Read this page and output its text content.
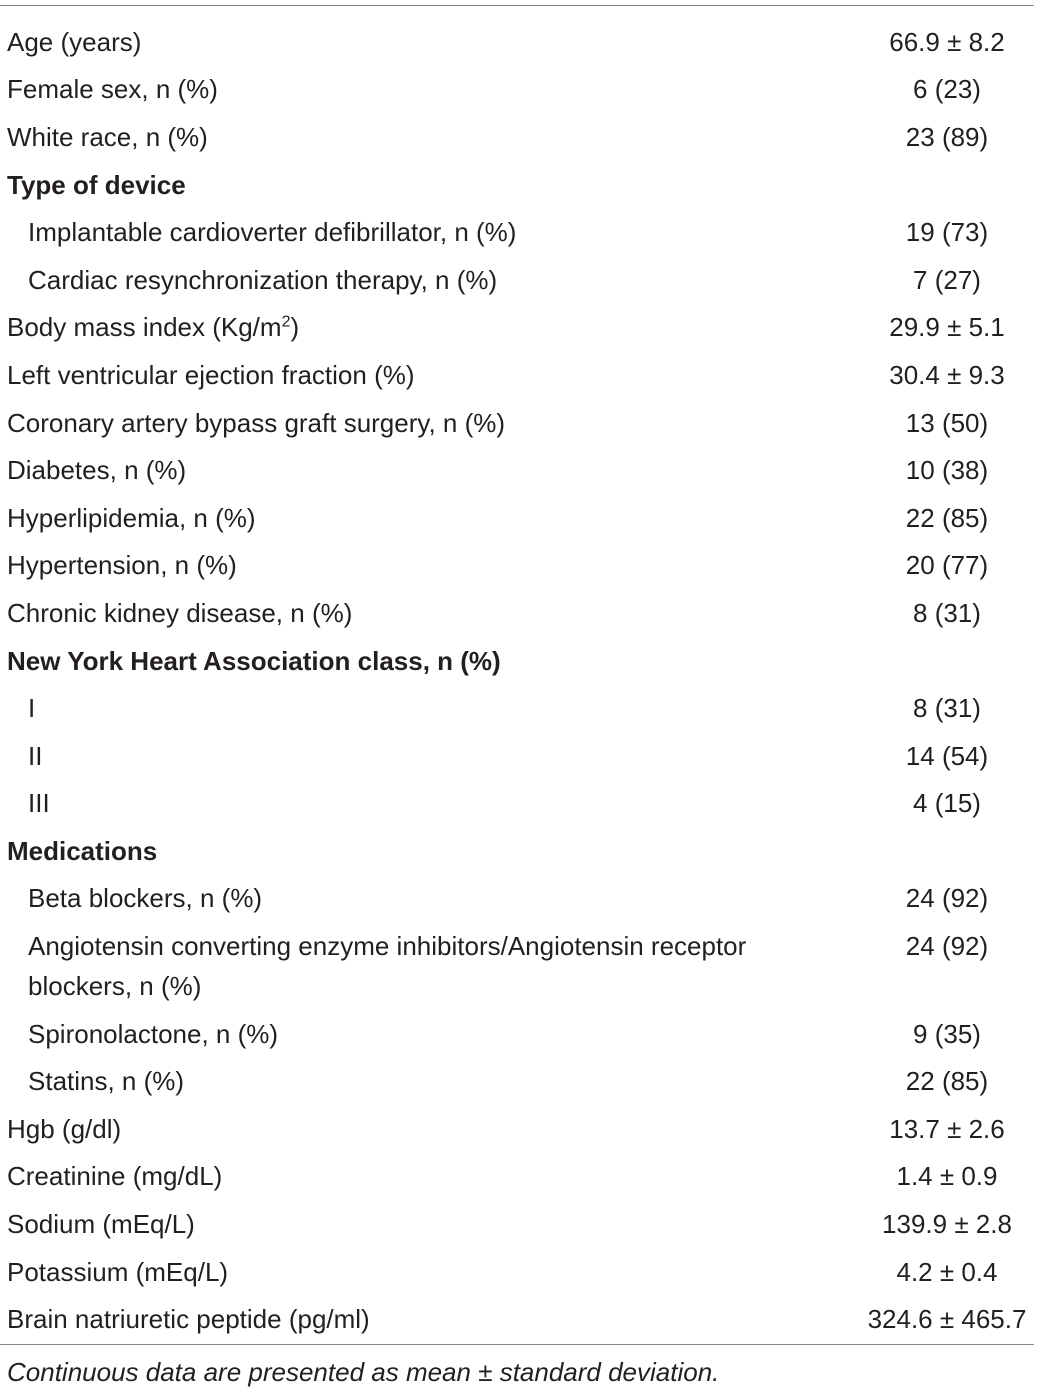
Age (years)	66.9 ± 8.2
Female sex, n (%)	6 (23)
White race, n (%)	23 (89)
Type of device	
Implantable cardioverter defibrillator, n (%)	19 (73)
Cardiac resynchronization therapy, n (%)	7 (27)
Body mass index $(Kg/m^2)$	29.9 ± 5.1
Left ventricular ejection fraction (%)	30.4 ± 9.3
Coronary artery bypass graft surgery, n (%)	13 (50)
Diabetes, n (%)	10 (38)
Hyperlipidemia, n (%)	22 (85)
Hypertension, n (%)	20 (77)
Chronic kidney disease, n (%)	8 (31)
New York Heart Association class, n (%)	
I	8 (31)
II	14 (54)
III	4 (15)
Medications	
Beta blockers, n (%)	24 (92)

Angiotensin converting enzyme inhibitors/Angiotensin receptor blockers, n (%)	24 (92)
Spironolactone, n (%)	9 (35)
Statins, n (%)	22 (85)
Hgb (g/dl)	13.7 ± 2.6
Creatinine (mg/dL)	1.4 ± 0.9
Sodium (mEq/L)	139.9 ± 2.8
Potassium (mEq/L)	4.2 ± 0.4
Brain natriuretic peptide (pg/ml)	324.6 ± 465.7
Continuous data are presented as mean ± standard deviation.
